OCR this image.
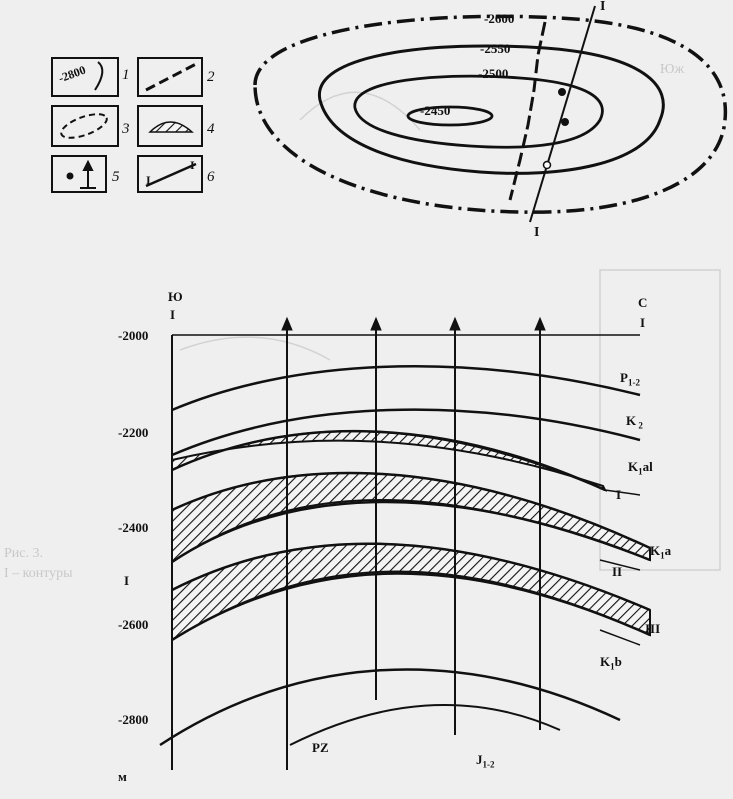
-2600
-2550
-2500
-2450
I
I
-2800 1	2
3	4
5	6
I
I
Ю
I
С
I
-2000
-2200
-2400
-2600
-2800
м
I
$P_{1-2}$
K $_2$
$K_1al$
$K_1a$
$K_1b$
$J_{1-2}$
PZ
I
II
III
Рис. 3.
I – контуры
Юж
